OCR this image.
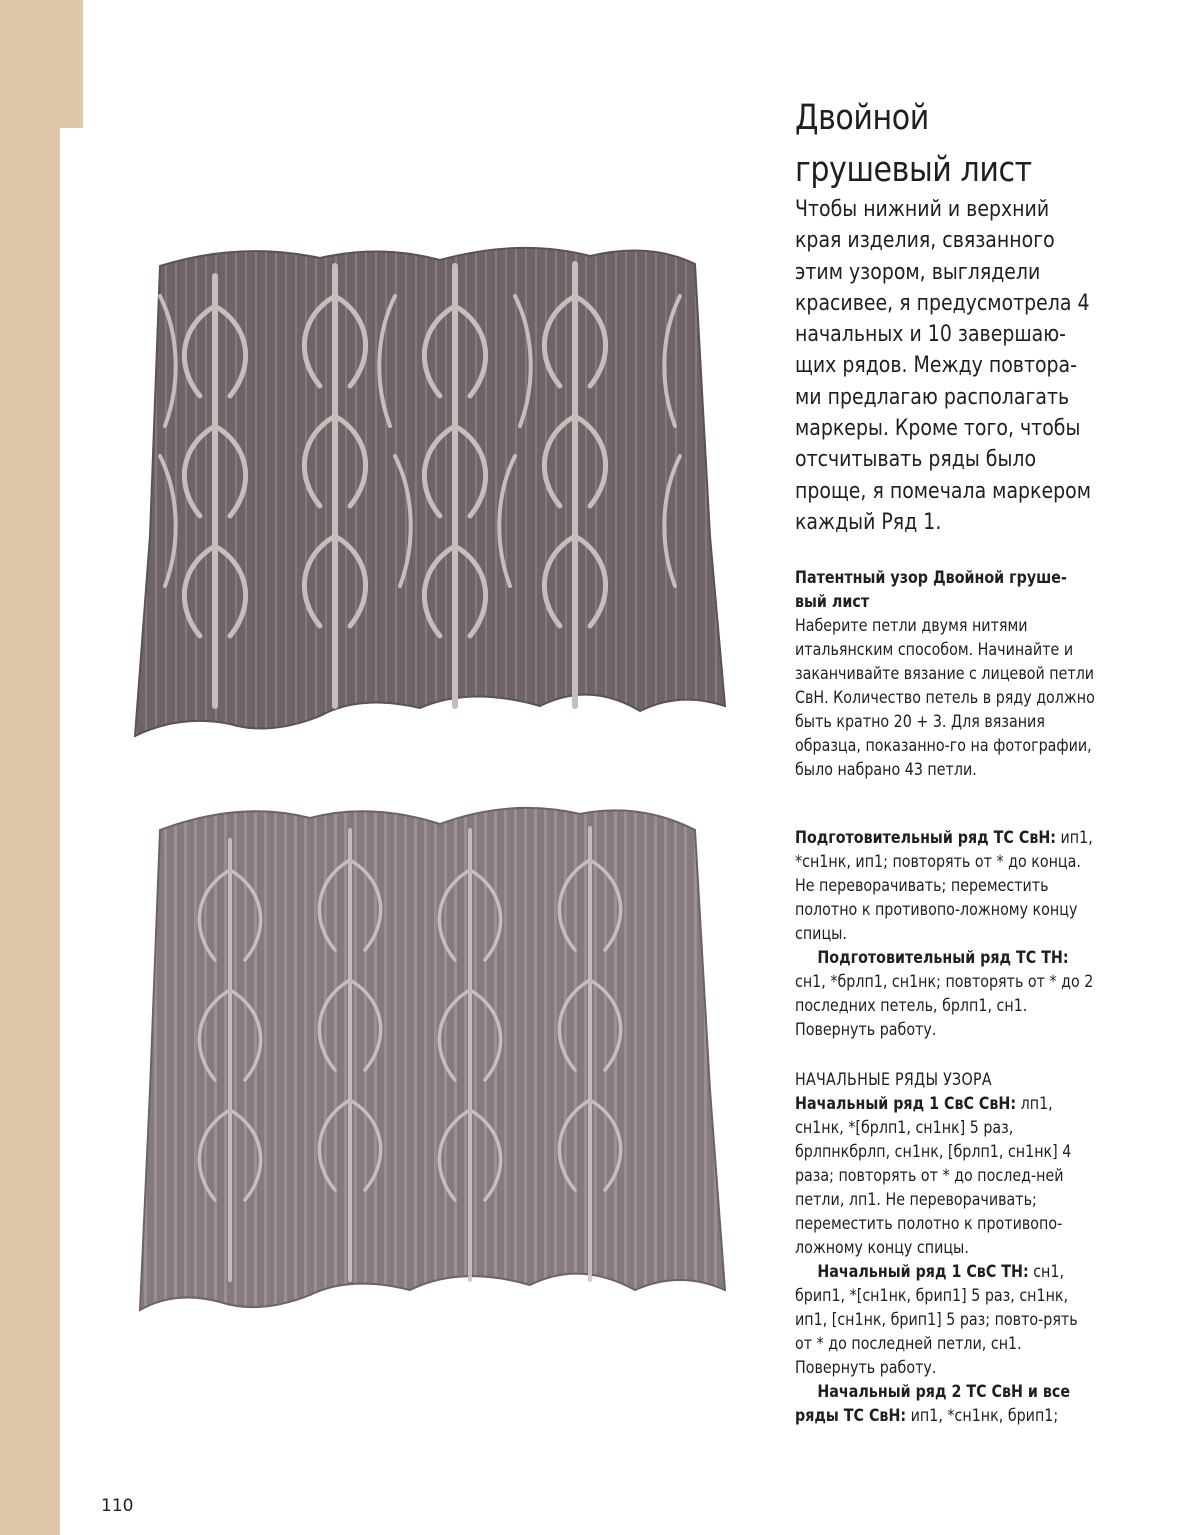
Двойной грушевый лист
Чтобы нижний и верхний края изделия, связанного этим узором, выглядели красивее, я предусмотрела 4 начальных и 10 завершаю-щих рядов. Между повтора-ми предлагаю располагать маркеры. Кроме того, чтобы отсчитывать ряды было проще, я помечала маркером каждый Ряд 1.

Патентный узор Двойной груше-вый лист

Наберите петли двумя нитями итальянским способом. Начинайте и заканчивайте вязание с лицевой петли СвН. Количество петель в ряду должно быть кратно 20 + 3. Для вязания образца, показанно-го на фотографии, было набрано 43 петли.

Подготовительный ряд ТС СвН: ип1, *сн1нк, ип1; повторять от * до конца. Не переворачивать; переместить полотно к противопо-ложному концу спицы.

Подготовительный ряд ТС ТН: сн1, *брлп1, сн1нк; повторять от * до 2 последних петель, брлп1, сн1. Повернуть работу.

НАЧАЛЬНЫЕ РЯДЫ УЗОРА

Начальный ряд 1 СвС СвН: лп1, сн1нк, *[брлп1, сн1нк] 5 раз, брлпнкбрлп, сн1нк, [брлп1, сн1нк] 4 раза; повторять от * до послед-ней петли, лп1. Не переворачивать; переместить полотно к противопо-ложному концу спицы.

Начальный ряд 1 СвС ТН: сн1, брип1, *[сн1нк, брип1] 5 раз, сн1нк, ип1, [сн1нк, брип1] 5 раз; повто-рять от * до последней петли, сн1. Повернуть работу.

Начальный ряд 2 ТС СвН и все ряды ТС СвН: ип1, *сн1нк, брип1;

110
